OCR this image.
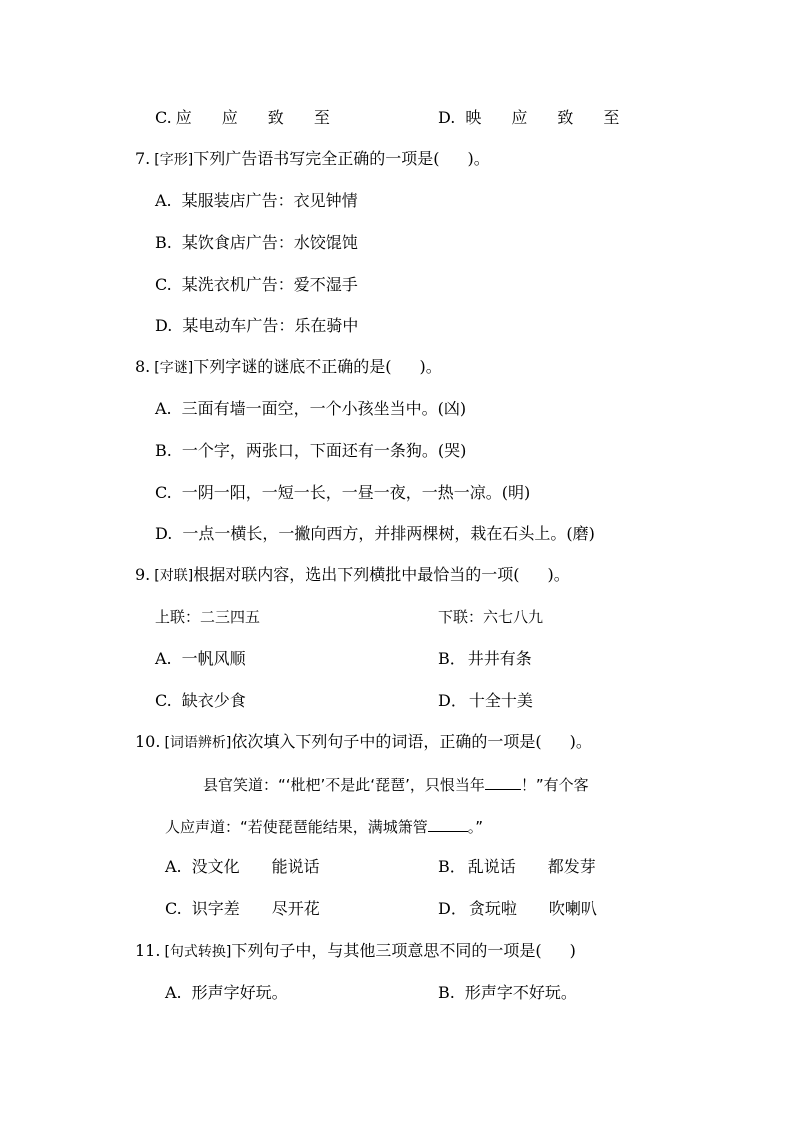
C. 应 应 致 至	D. 映 应 致 至
7. [字形]下列广告语书写完全正确的一项是( )。
A. 某服装店广告：衣见钟情
B. 某饮食店广告：水饺馄饨
C. 某洗衣机广告：爱不湿手
D. 某电动车广告：乐在骑中
8. [字谜]下列字谜的谜底不正确的是( )。
A. 三面有墙一面空，一个小孩坐当中。(凶)
B. 一个字，两张口，下面还有一条狗。(哭)
C. 一阴一阳，一短一长，一昼一夜，一热一凉。(明)
D. 一点一横长，一撇向西方，并排两棵树，栽在石头上。(磨)
9. [对联]根据对联内容，选出下列横批中最恰当的一项( )。
上联：二三四五	下联：六七八九
A. 一帆风顺	B． 井井有条
C. 缺衣少食	D． 十全十美
10. [词语辨析]依次填入下列句子中的词语，正确的一项是( )。
县官笑道：“‘枇杷’不是此‘琵琶’，只恨当年 ！”有个客
人应声道：“若使琵琶能结果，满城箫管	。”
A. 没文化 能说话	B． 乱说话 都发芽
C. 识字差 尽开花	D． 贪玩啦 吹喇叭
11. [句式转换]下列句子中，与其他三项意思不同的一项是( )
A. 形声字好玩。	B. 形声字不好玩。
